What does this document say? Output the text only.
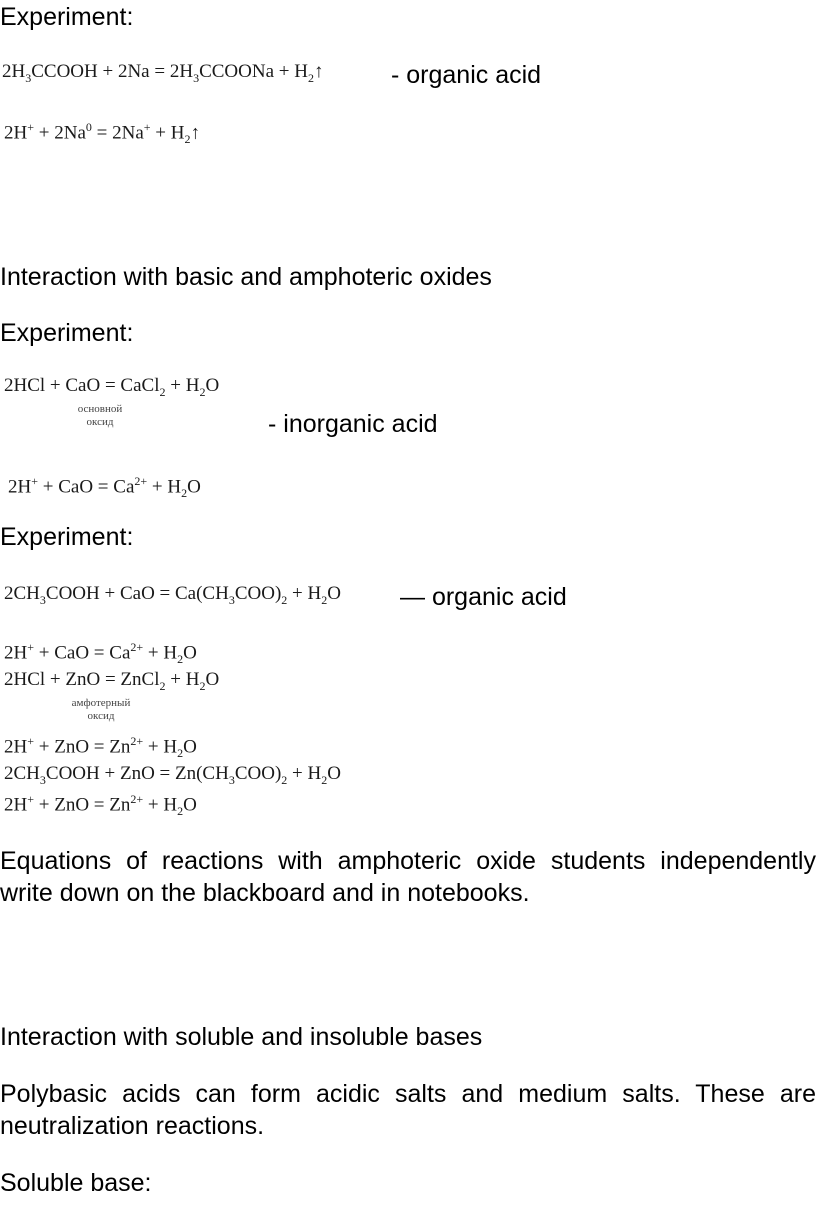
Experiment:
$2H_3CCOOH + 2Na$ = $2H_3CCOONa$ + $H_2↑$	- organic acid
$2H^+ + 2Na^0 = 2Na^+$ + $H_2↑$
Interaction with basic and amphoteric oxides
Experiment:
2HCl + CaO = CaCl$_2$ + $H_2O$
основной
оксид	- inorganic acid
2H+ + CaO = $Ca^{2+} + H_2O$
Experiment:
$2CH_3COOH$ + CaO = $Ca(CH_3COO)_2 + H_2O$ — organic acid
2H+ + CaO = $Ca^{2+} + H_2O$
2HCl + ZnO = ZnCl$_2$ + $H_2O$
амфотерный
оксид
2H+ + ZnO = $Zn^{2+} + H_2O$
$2CH_3COOH$ + ZnO = $Zn(CH_3COO)_2 + H_2O$
2H+ + ZnO = $Zn^{2+} + H_2O$
Equations of reactions with amphoteric oxide students independently write down on the blackboard and in notebooks.
Interaction with soluble and insoluble bases
Polybasic acids can form acidic salts and medium salts. These are neutralization reactions.
Soluble base:
